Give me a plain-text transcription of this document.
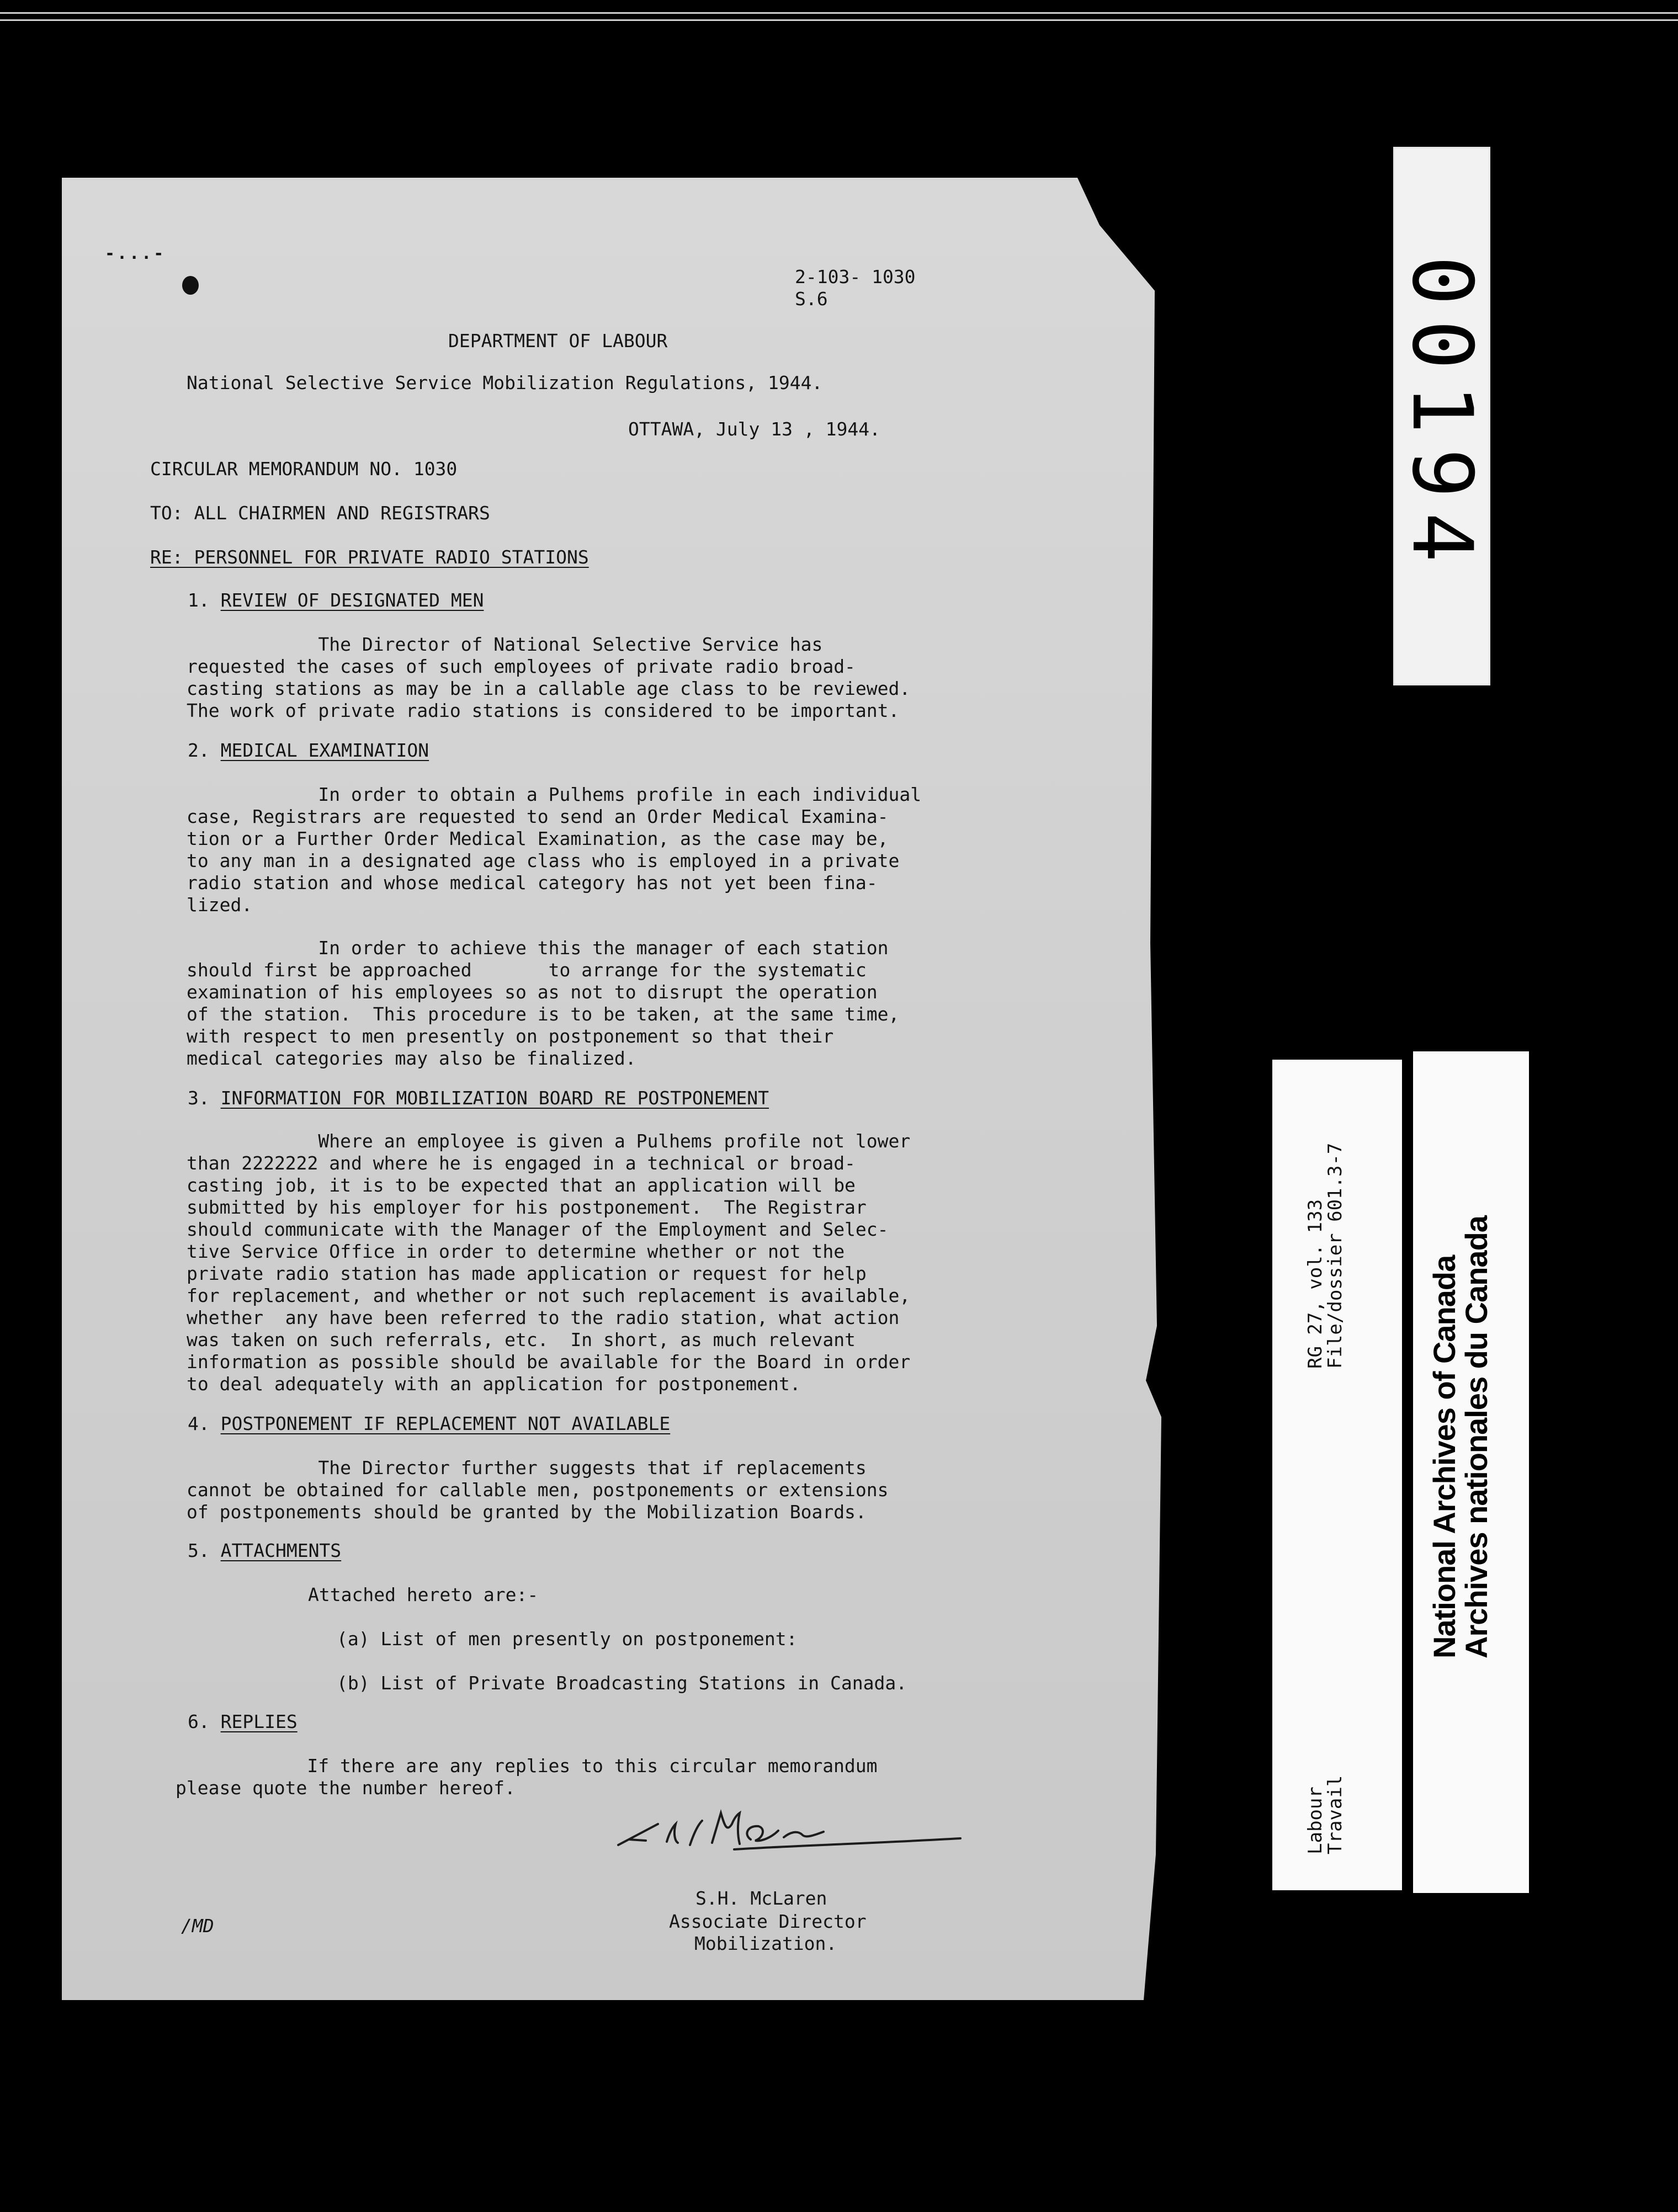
-...-
2-103- 1030
S.6
DEPARTMENT OF LABOUR
National Selective Service Mobilization Regulations, 1944.
OTTAWA, July 13 , 1944.
CIRCULAR MEMORANDUM NO. 1030
TO: ALL CHAIRMEN AND REGISTRARS
RE: PERSONNEL FOR PRIVATE RADIO STATIONS
1. REVIEW OF DESIGNATED MEN
The Director of National Selective Service has
requested the cases of such employees of private radio broad-
casting stations as may be in a callable age class to be reviewed.
The work of private radio stations is considered to be important.
2. MEDICAL EXAMINATION
In order to obtain a Pulhems profile in each individual
case, Registrars are requested to send an Order Medical Examina-
tion or a Further Order Medical Examination, as the case may be,
to any man in a designated age class who is employed in a private
radio station and whose medical category has not yet been fina-
lized.
In order to achieve this the manager of each station
should first be approached       to arrange for the systematic
examination of his employees so as not to disrupt the operation
of the station.  This procedure is to be taken, at the same time,
with respect to men presently on postponement so that their
medical categories may also be finalized.
3. INFORMATION FOR MOBILIZATION BOARD RE POSTPONEMENT
Where an employee is given a Pulhems profile not lower
than 2222222 and where he is engaged in a technical or broad-
casting job, it is to be expected that an application will be
submitted by his employer for his postponement.  The Registrar
should communicate with the Manager of the Employment and Selec-
tive Service Office in order to determine whether or not the
private radio station has made application or request for help
for replacement, and whether or not such replacement is available,
whether  any have been referred to the radio station, what action
was taken on such referrals, etc.  In short, as much relevant
information as possible should be available for the Board in order
to deal adequately with an application for postponement.
4. POSTPONEMENT IF REPLACEMENT NOT AVAILABLE
The Director further suggests that if replacements
cannot be obtained for callable men, postponements or extensions
of postponements should be granted by the Mobilization Boards.
5. ATTACHMENTS
Attached hereto are:-
(a) List of men presently on postponement:
(b) List of Private Broadcasting Stations in Canada.
6. REPLIES
If there are any replies to this circular memorandum
please quote the number hereof.
S.H. McLaren
Associate Director
Mobilization.
/MD
00194
RG 27, vol. 133
File/dossier 601.3-7
Labour
Travail
National Archives of Canada
Archives nationales du Canada
